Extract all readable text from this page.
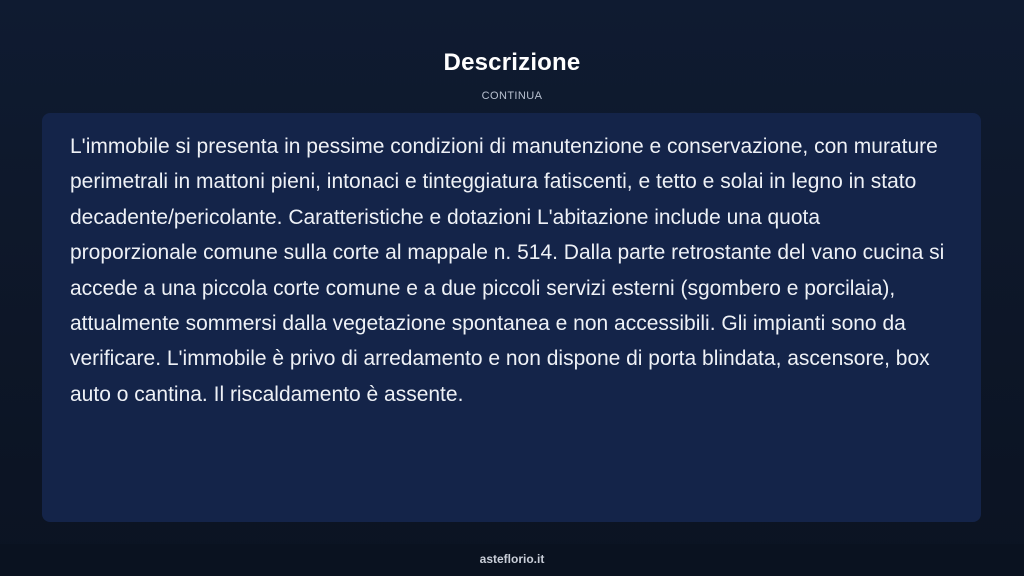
Descrizione
CONTINUA

L'immobile si presenta in pessime condizioni di manutenzione e conservazione, con murature perimetrali in mattoni pieni, intonaci e tinteggiatura fatiscenti, e tetto e solai in legno in stato decadente/pericolante. Caratteristiche e dotazioni L'abitazione include una quota proporzionale comune sulla corte al mappale n. 514. Dalla parte retrostante del vano cucina si accede a una piccola corte comune e a due piccoli servizi esterni (sgombero e porcilaia), attualmente sommersi dalla vegetazione spontanea e non accessibili. Gli impianti sono da verificare. L'immobile è privo di arredamento e non dispone di porta blindata, ascensore, box auto o cantina. Il riscaldamento è assente.

asteflorio.it
